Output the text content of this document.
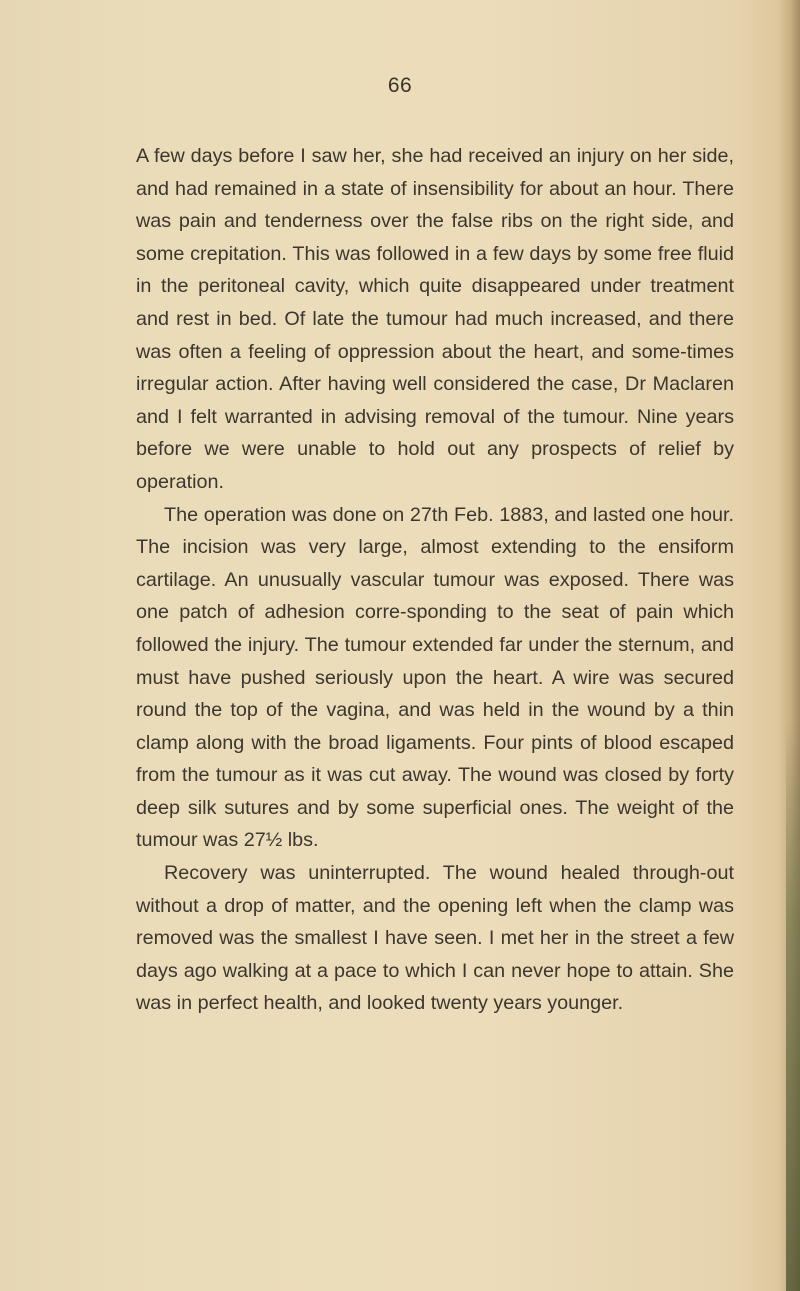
66

A few days before I saw her, she had received an injury on her side, and had remained in a state of insensibility for about an hour. There was pain and tenderness over the false ribs on the right side, and some crepitation. This was followed in a few days by some free fluid in the peritoneal cavity, which quite disappeared under treatment and rest in bed. Of late the tumour had much increased, and there was often a feeling of oppression about the heart, and some-times irregular action. After having well considered the case, Dr Maclaren and I felt warranted in advising removal of the tumour. Nine years before we were unable to hold out any prospects of relief by operation.

The operation was done on 27th Feb. 1883, and lasted one hour. The incision was very large, almost extending to the ensiform cartilage. An unusually vascular tumour was exposed. There was one patch of adhesion corre-sponding to the seat of pain which followed the injury. The tumour extended far under the sternum, and must have pushed seriously upon the heart. A wire was secured round the top of the vagina, and was held in the wound by a thin clamp along with the broad ligaments. Four pints of blood escaped from the tumour as it was cut away. The wound was closed by forty deep silk sutures and by some superficial ones. The weight of the tumour was 27½ lbs.

Recovery was uninterrupted. The wound healed through-out without a drop of matter, and the opening left when the clamp was removed was the smallest I have seen. I met her in the street a few days ago walking at a pace to which I can never hope to attain. She was in perfect health, and looked twenty years younger.
